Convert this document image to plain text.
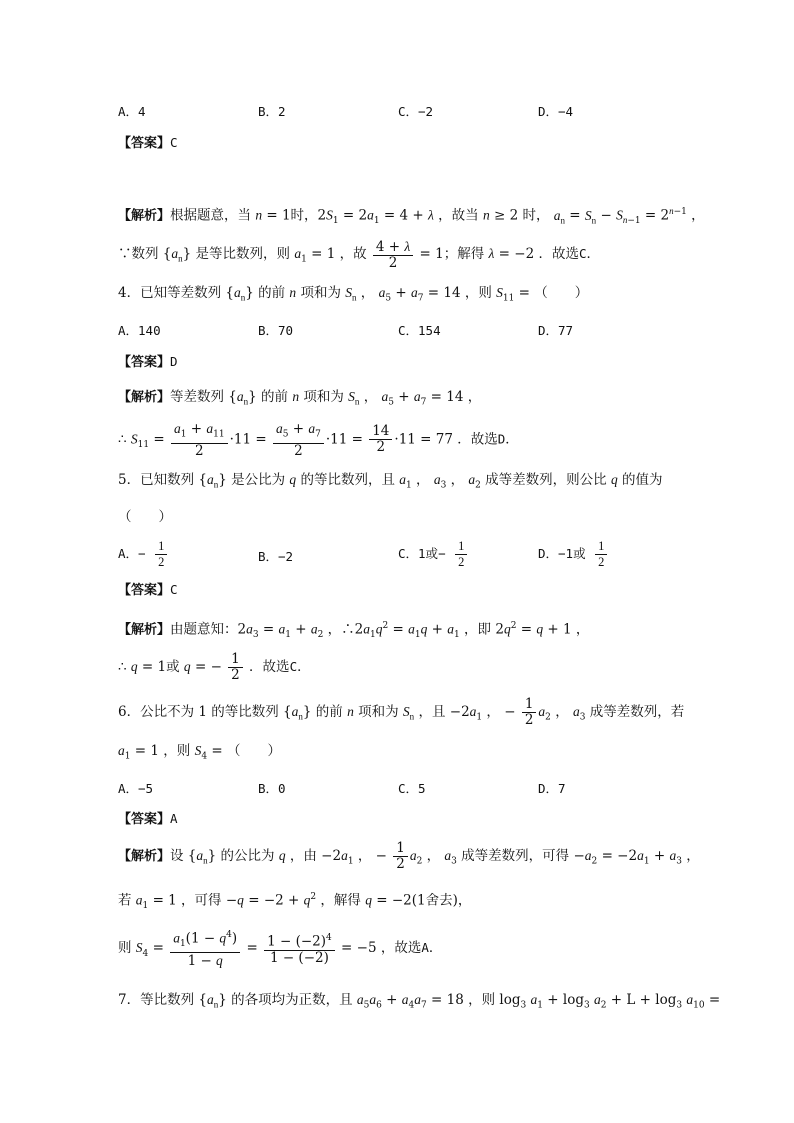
A．4	B．2	C．−2	D．−4
【答案】C
【解析】根据题意，当 n = 1时，$2S_1 = 2a_1 = 4 + \lambda$ ，故当 n ≥ 2 时， $a_n = S_n - S_{n-1} = 2^{n-1}$ ，
∵数列 $\{a_n\}$ 是等比数列，则 $a_1 = 1$ ，故 $\frac{4 + \lambda}{2} = 1$；解得 λ = −2 ．故选C．
4．已知等差数列 $\{a_n\}$ 的前 n 项和为 $S_n$ ， $a_5 + a_7 = 14$ ，则 $S_{11}$ = （　　）
A．140	B．70	C．154	D．77
【答案】D
【解析】等差数列 $\{a_n\}$ 的前 n 项和为 $S_n$ ， $a_5 + a_7 = 14$ ，
∴ $S_{11} = \frac{a_1 + a_{11}}{2} \cdot 11 = \frac{a_5 + a_7}{2} \cdot 11 = \frac{14}{2} \cdot 11 = 77$ ．故选D．
5．已知数列 $\{a_n\}$ 是公比为 q 的等比数列，且 $a_1$ ， $a_3$ ， $a_2$ 成等差数列，则公比 q 的值为
（　　）
A．− $\frac{1}{2}$	B．−2	C．1或− $\frac{1}{2}$	D．−1或 $\frac{1}{2}$
【答案】C
【解析】由题意知：$2a_3 = a_1 + a_2$ ，$\therefore 2a_1q^2 = a_1q + a_1$ ，即 $2q^2 = q + 1$ ，
∴ q = 1或 q = − $\frac{1}{2}$ ．故选C．
6．公比不为 1 的等比数列 $\{a_n\}$ 的前 n 项和为 $S_n$ ，且 $-2a_1$ ， − $\frac{1}{2} a_2$ ， $a_3$ 成等差数列，若
$a_1 = 1$ ，则 $S_4$ = （　　）
A．−5	B．0	C．5	D．7
【答案】A
【解析】设 $\{a_n\}$ 的公比为 q ，由 $-2a_1$ ， − $\frac{1}{2} a_2$ ， $a_3$ 成等差数列，可得 $-a_2 = -2a_1 + a_3$ ，
若 $a_1 = 1$ ，可得 $-q = -2 + q^2$ ，解得 q = −2(1舍去)，
则 $S_4 = \frac{a_1(1 - q^4)}{1 - q} = \frac{1 - (-2)^4}{1 - (-2)} = -5$ ，故选A．
7．等比数列 $\{a_n\}$ 的各项均为正数，且 $a_5a_6 + a_4a_7 = 18$ ，则 $\log_3 a_1 + \log_3 a_2 + L + \log_3 a_{10}$ =
